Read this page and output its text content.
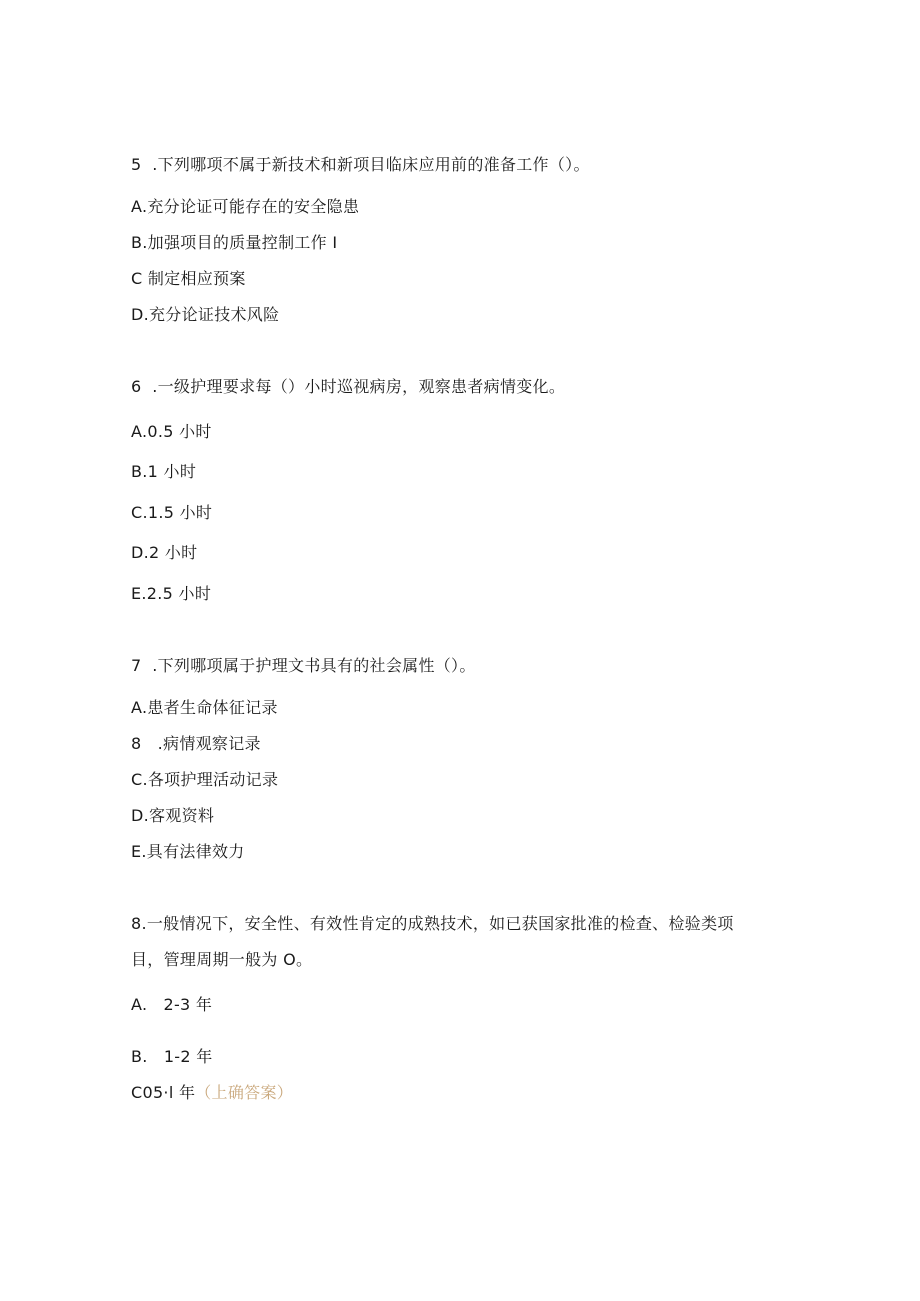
5  .下列哪项不属于新技术和新项目临床应用前的准备工作（）。
A.充分论证可能存在的安全隐患
B.加强项目的质量控制工作 I
C 制定相应预案
D.充分论证技术风险
6  .一级护理要求每（）小时巡视病房，观察患者病情变化。
A.0.5 小时
B.1 小时
C.1.5 小时
D.2 小时
E.2.5 小时
7  .下列哪项属于护理文书具有的社会属性（）。
A.患者生命体征记录
8   .病情观察记录
C.各项护理活动记录
D.客观资料
E.具有法律效力
8.一般情况下，安全性、有效性肯定的成熟技术，如已获国家批准的检查、检验类项
目，管理周期一般为 O。
A.   2-3 年
B.   1-2 年
C05·l 年（上确答案）
